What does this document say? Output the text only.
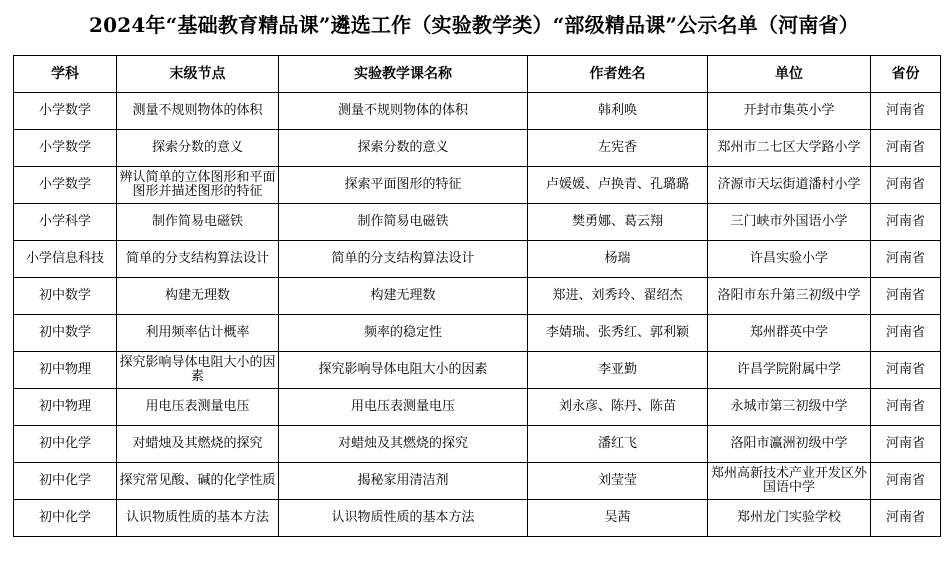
2024年“基础教育精品课”遴选工作（实验教学类）“部级精品课”公示名单（河南省）
学科	末级节点	实验教学课名称	作者姓名	单位	省份
小学数学	测量不规则物体的体积	测量不规则物体的体积	韩利唤	开封市集英小学	河南省
小学数学	探索分数的意义	探索分数的意义	左宪香	郑州市二七区大学路小学	河南省
小学数学	辨认简单的立体图形和平面图形并描述图形的特征	探索平面图形的特征	卢媛媛、卢换青、孔璐璐	济源市天坛街道潘村小学	河南省
小学科学	制作简易电磁铁	制作简易电磁铁	樊勇娜、葛云翔	三门峡市外国语小学	河南省
小学信息科技	简单的分支结构算法设计	简单的分支结构算法设计	杨瑞	许昌实验小学	河南省
初中数学	构建无理数	构建无理数	郑进、刘秀玲、翟绍杰	洛阳市东升第三初级中学	河南省
初中数学	利用频率估计概率	频率的稳定性	李婧瑞、张秀红、郭利颖	郑州群英中学	河南省
初中物理	探究影响导体电阻大小的因素	探究影响导体电阻大小的因素	李亚勤	许昌学院附属中学	河南省
初中物理	用电压表测量电压	用电压表测量电压	刘永彦、陈丹、陈苗	永城市第三初级中学	河南省
初中化学	对蜡烛及其燃烧的探究	对蜡烛及其燃烧的探究	潘红飞	洛阳市瀛洲初级中学	河南省
初中化学	探究常见酸、碱的化学性质	揭秘家用清洁剂	刘莹莹	郑州高新技术产业开发区外国语中学	河南省
初中化学	认识物质性质的基本方法	认识物质性质的基本方法	吴茜	郑州龙门实验学校	河南省
